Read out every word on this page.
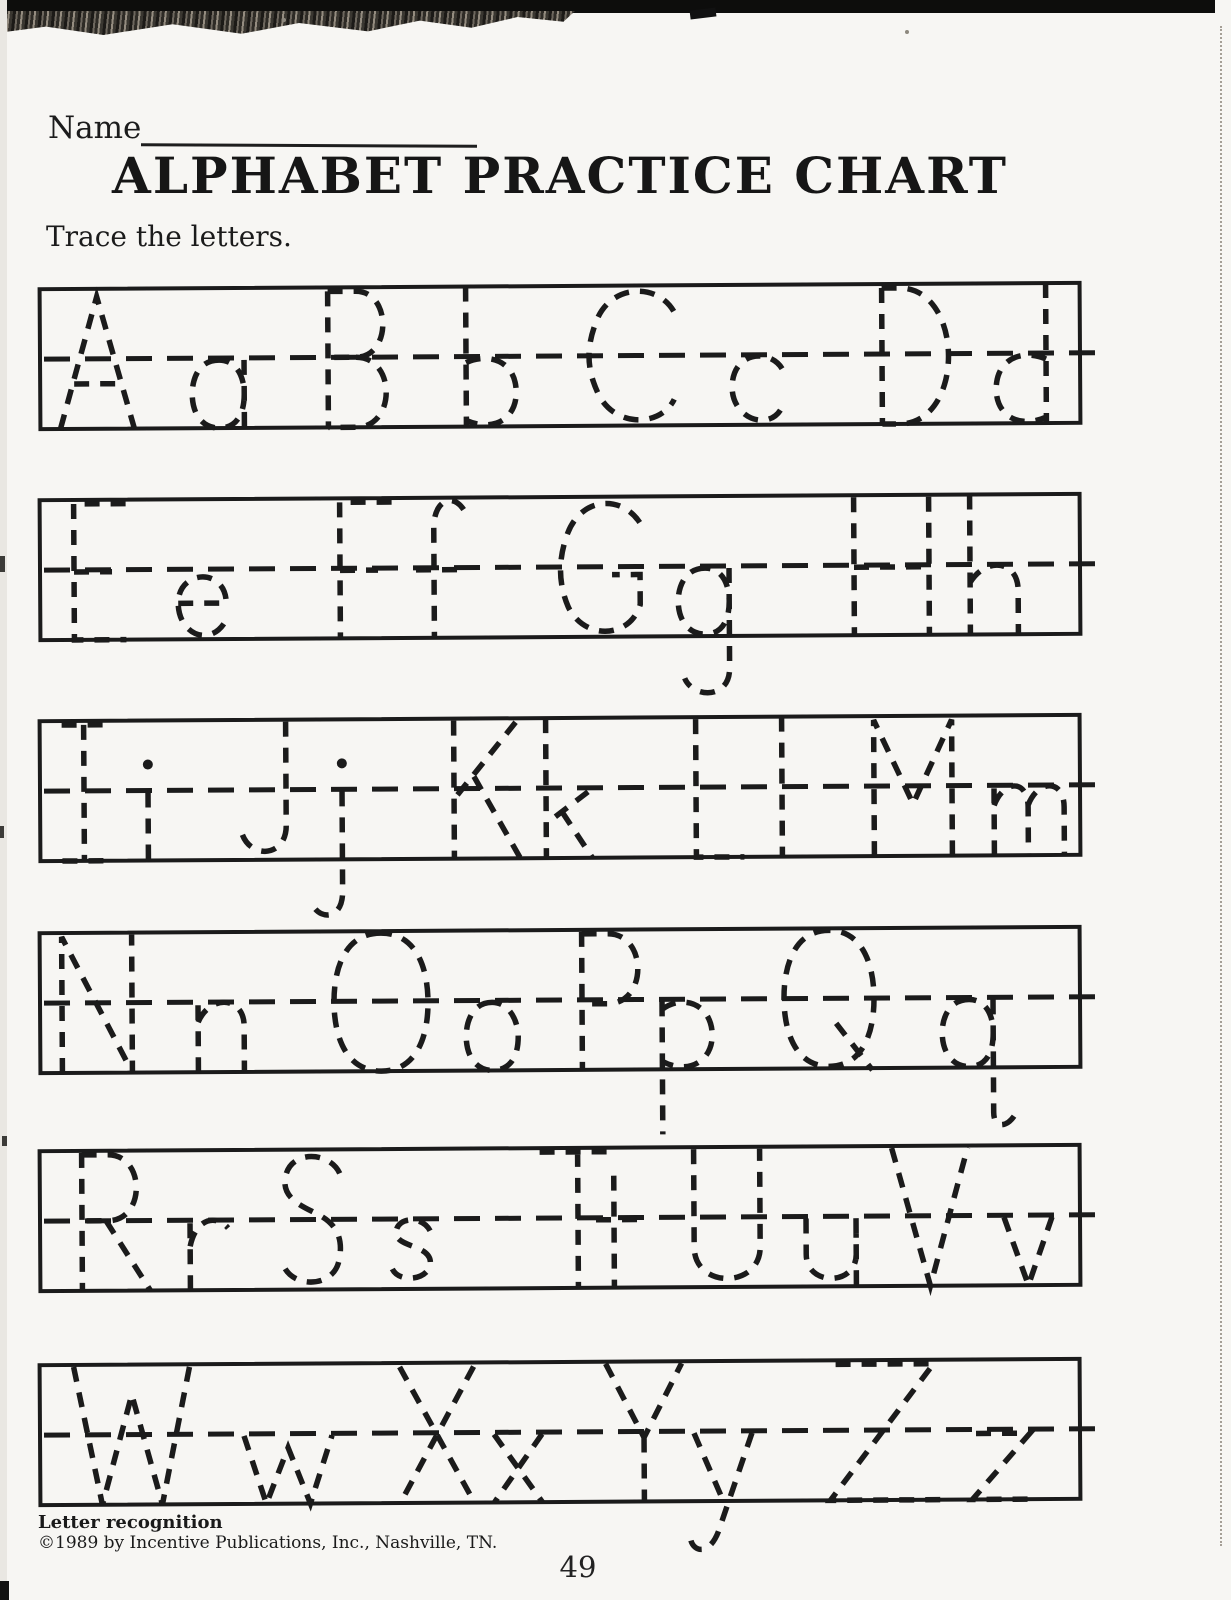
Name
ALPHABET PRACTICE CHART
Trace the letters.
Letter recognition
©1989 by Incentive Publications, Inc., Nashville, TN.
49
